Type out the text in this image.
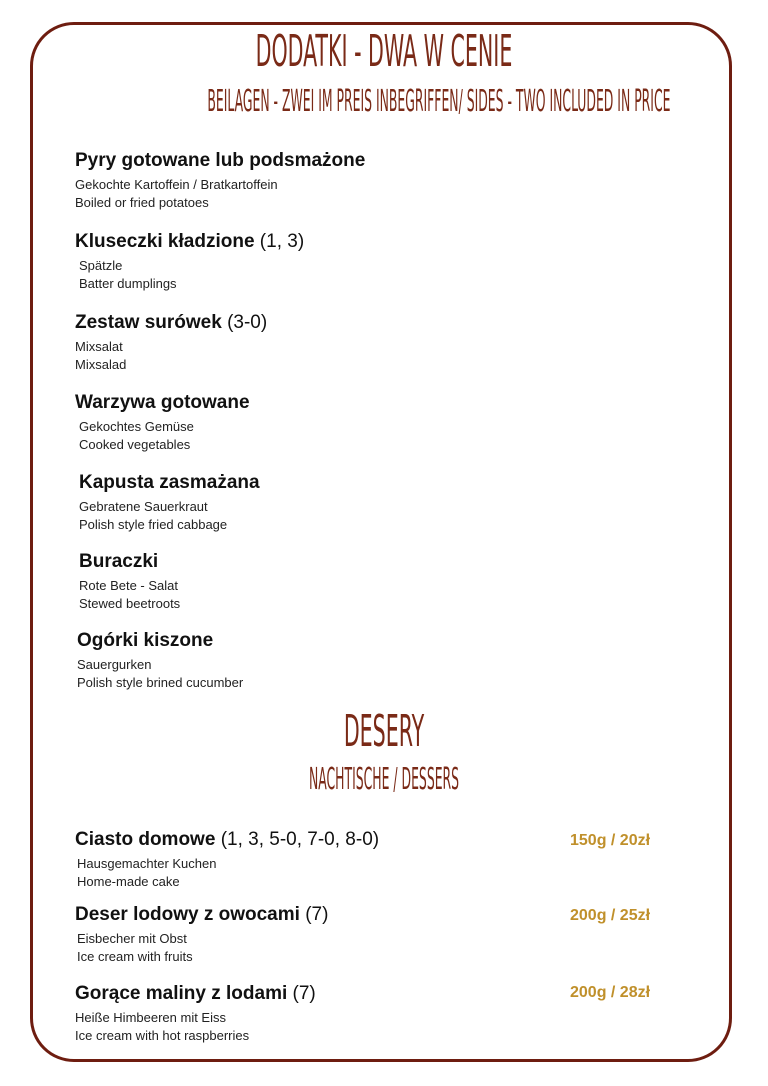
DODATKI - DWA W CENIE
BEILAGEN - ZWEI IM PREIS INBEGRIFFEN/ SIDES - TWO INCLUDED IN PRICE
Pyry gotowane lub podsmażone
Gekochte Kartoffein / Bratkartoffein
Boiled or fried potatoes
Kluseczki kładzione (1, 3)
Spätzle
Batter dumplings
Zestaw surówek (3-0)
Mixsalat
Mixsalad
Warzywa gotowane
Gekochtes Gemüse
Cooked vegetables
Kapusta zasmażana
Gebratene Sauerkraut
Polish style fried cabbage
Buraczki
Rote Bete - Salat
Stewed beetroots
Ogórki kiszone
Sauergurken
Polish style brined cucumber
DESERY
NACHTISCHE / DESSERS
Ciasto domowe (1, 3, 5-0, 7-0, 8-0)
Hausgemachter Kuchen
Home-made cake
150g / 20zł
Deser lodowy z owocami (7)
Eisbecher mit Obst
Ice cream with fruits
200g / 25zł
Gorące maliny z lodami (7)
Heiße Himbeeren mit Eiss
Ice cream with hot raspberries
200g / 28zł
